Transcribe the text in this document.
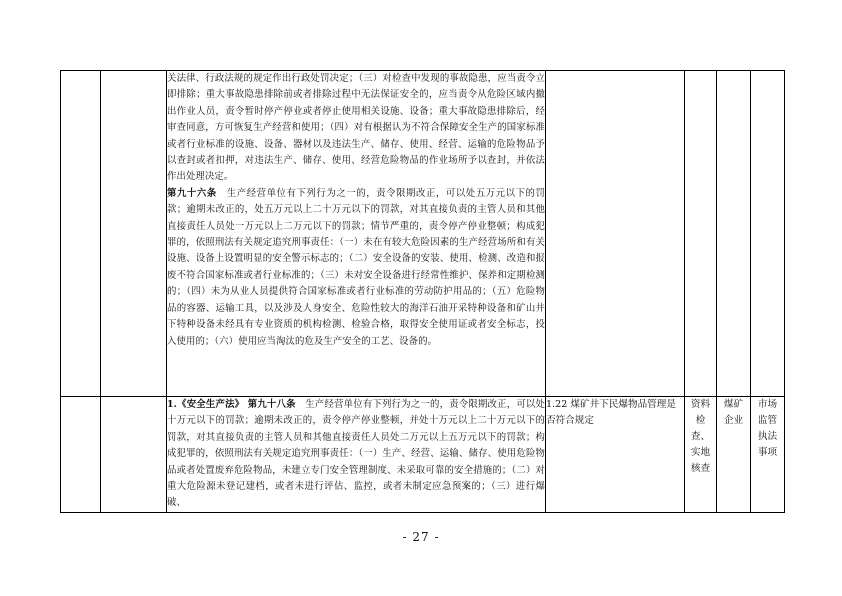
		关法律、行政法规的规定作出行政处罚决定；（三）对检查中发现的事故隐患，应当责令立即排除；重大事故隐患排除前或者排除过程中无法保证安全的，应当责令从危险区域内撤出作业人员，责令暂时停产停业或者停止使用相关设施、设备；重大事故隐患排除后，经审查同意，方可恢复生产经营和使用；（四）对有根据认为不符合保障安全生产的国家标准或者行业标准的设施、设备、器材以及违法生产、储存、使用、经营、运输的危险物品予以查封或者扣押，对违法生产、储存、使用、经营危险物品的作业场所予以查封，并依法作出处理决定。

第九十六条　生产经营单位有下列行为之一的，责令限期改正，可以处五万元以下的罚款；逾期未改正的，处五万元以上二十万元以下的罚款，对其直接负责的主管人员和其他直接责任人员处一万元以上二万元以下的罚款；情节严重的，责令停产停业整顿；构成犯罪的，依照刑法有关规定追究刑事责任：（一）未在有较大危险因素的生产经营场所和有关设施、设备上设置明显的安全警示标志的；（二）安全设备的安装、使用、检测、改造和报废不符合国家标准或者行业标准的；（三）未对安全设备进行经常性维护、保养和定期检测的；（四）未为从业人员提供符合国家标准或者行业标准的劳动防护用品的；（五）危险物品的容器、运输工具，以及涉及人身安全、危险性较大的海洋石油开采特种设备和矿山井下特种设备未经具有专业资质的机构检测、检验合格，取得安全使用证或者安全标志，投入使用的；（六）使用应当淘汰的危及生产安全的工艺、设备的。				

		1.《安全生产法》 第九十八条　生产经营单位有下列行为之一的，责令限期改正，可以处十万元以下的罚款；逾期未改正的，责令停产停业整顿，并处十万元以上二十万元以下的罚款，对其直接负责的主管人员和其他直接责任人员处二万元以上五万元以下的罚款；构成犯罪的，依照刑法有关规定追究刑事责任：（一）生产、经营、运输、储存、使用危险物品或者处置废弃危险物品，未建立专门安全管理制度、未采取可靠的安全措施的；（二）对重大危险源未登记建档，或者未进行评估、监控，或者未制定应急预案的；（三）进行爆破、	1.22 煤矿井下民爆物品管理是否符合规定	资料检查、实地核查	煤矿企业	市场监管执法事项
- 27 -
